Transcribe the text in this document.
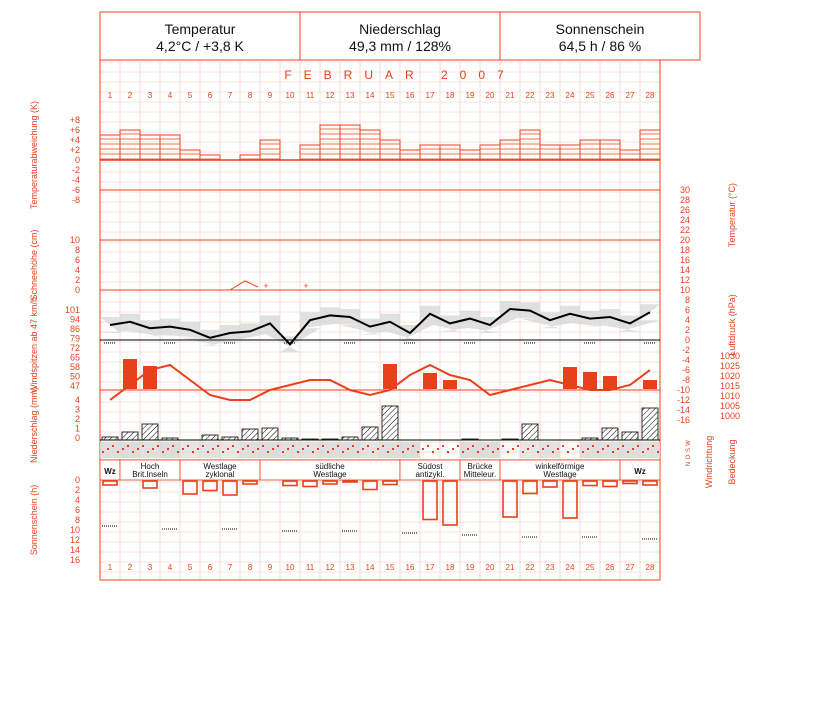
Temperatur
4,2°C / +3,8 K
Niederschlag
49,3 mm / 128%
Sonnenschein
64,5 h / 86 %
FEBRUAR 2007
1
1
2
2
3
3
4
4
5
5
6
6
7
7
8
8
9
9
10
10
11
11
12
12
13
13
14
14
15
15
16
16
17
17
18
18
19
19
20
20
21
21
22
22
23
23
24
24
25
25
26
26
27
27
28
28
+8
+6
+4
+2
0
-2
-4
-6
-8
10
8
6
4
2
0
101
94
86
79
72
65
58
50
47
4
3
2
1
0
0
2
4
6
8
10
12
14
16
30
28
26
24
22
20
18
16
14
12
10
8
6
4
2
0
-2
-4
-6
-8
-10
-12
-14
-16
1030
1025
1020
1015
1010
1005
1000
N
O
S
W
Temperaturabweichung (K)
Schneehöhe (cm)
Windspitzen ab 47 km/h
Niederschlag (mm)
Sonnenschein (h)
Temperatur (°C)
Luftdruck (hPa)
Windrichtung Bedeckung
+	+
Wz
Hoch
Brit.Inseln
Westlage
zyklonal
südliche
Westlage
Südost
antizykl.
Brücke
Mitteleur.
winkelförmige
Westlage	Wz
